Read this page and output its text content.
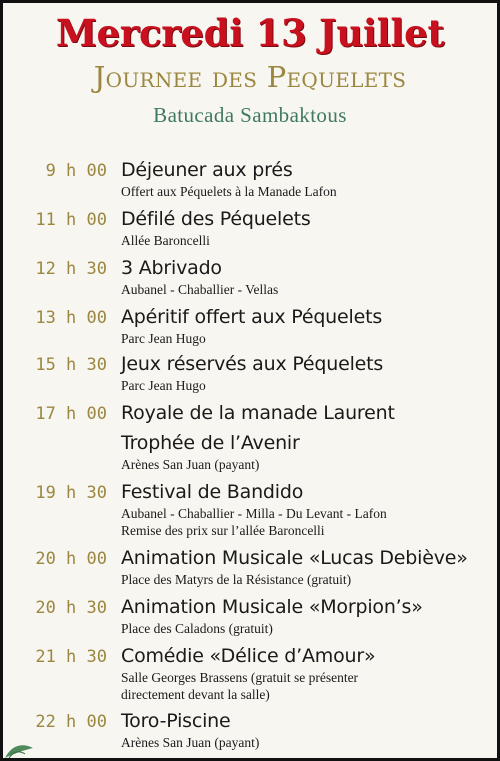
Mercredi 13 Juillet
Journee des Pequelets
Batucada Sambaktous
9 h 00 Déjeuner aux prés
Offert aux Péquelets à la Manade Lafon
11 h 00 Défilé des Péquelets
Allée Baroncelli
12 h 30 3 Abrivado
Aubanel - Chaballier - Vellas
13 h 00 Apéritif offert aux Péquelets
Parc Jean Hugo
15 h 30 Jeux réservés aux Péquelets
Parc Jean Hugo
17 h 00 Royale de la manade Laurent
Trophée de l’Avenir
Arènes San Juan (payant)
19 h 30 Festival de Bandido
Aubanel - Chaballier - Milla - Du Levant - Lafon
Remise des prix sur l’allée Baroncelli
20 h 00 Animation Musicale «Lucas Debiève»
Place des Matyrs de la Résistance (gratuit)
20 h 30 Animation Musicale «Morpion’s»
Place des Caladons (gratuit)
21 h 30 Comédie «Délice d’Amour»
Salle Georges Brassens (gratuit se présenter
directement devant la salle)
22 h 00 Toro-Piscine
Arènes San Juan (payant)
